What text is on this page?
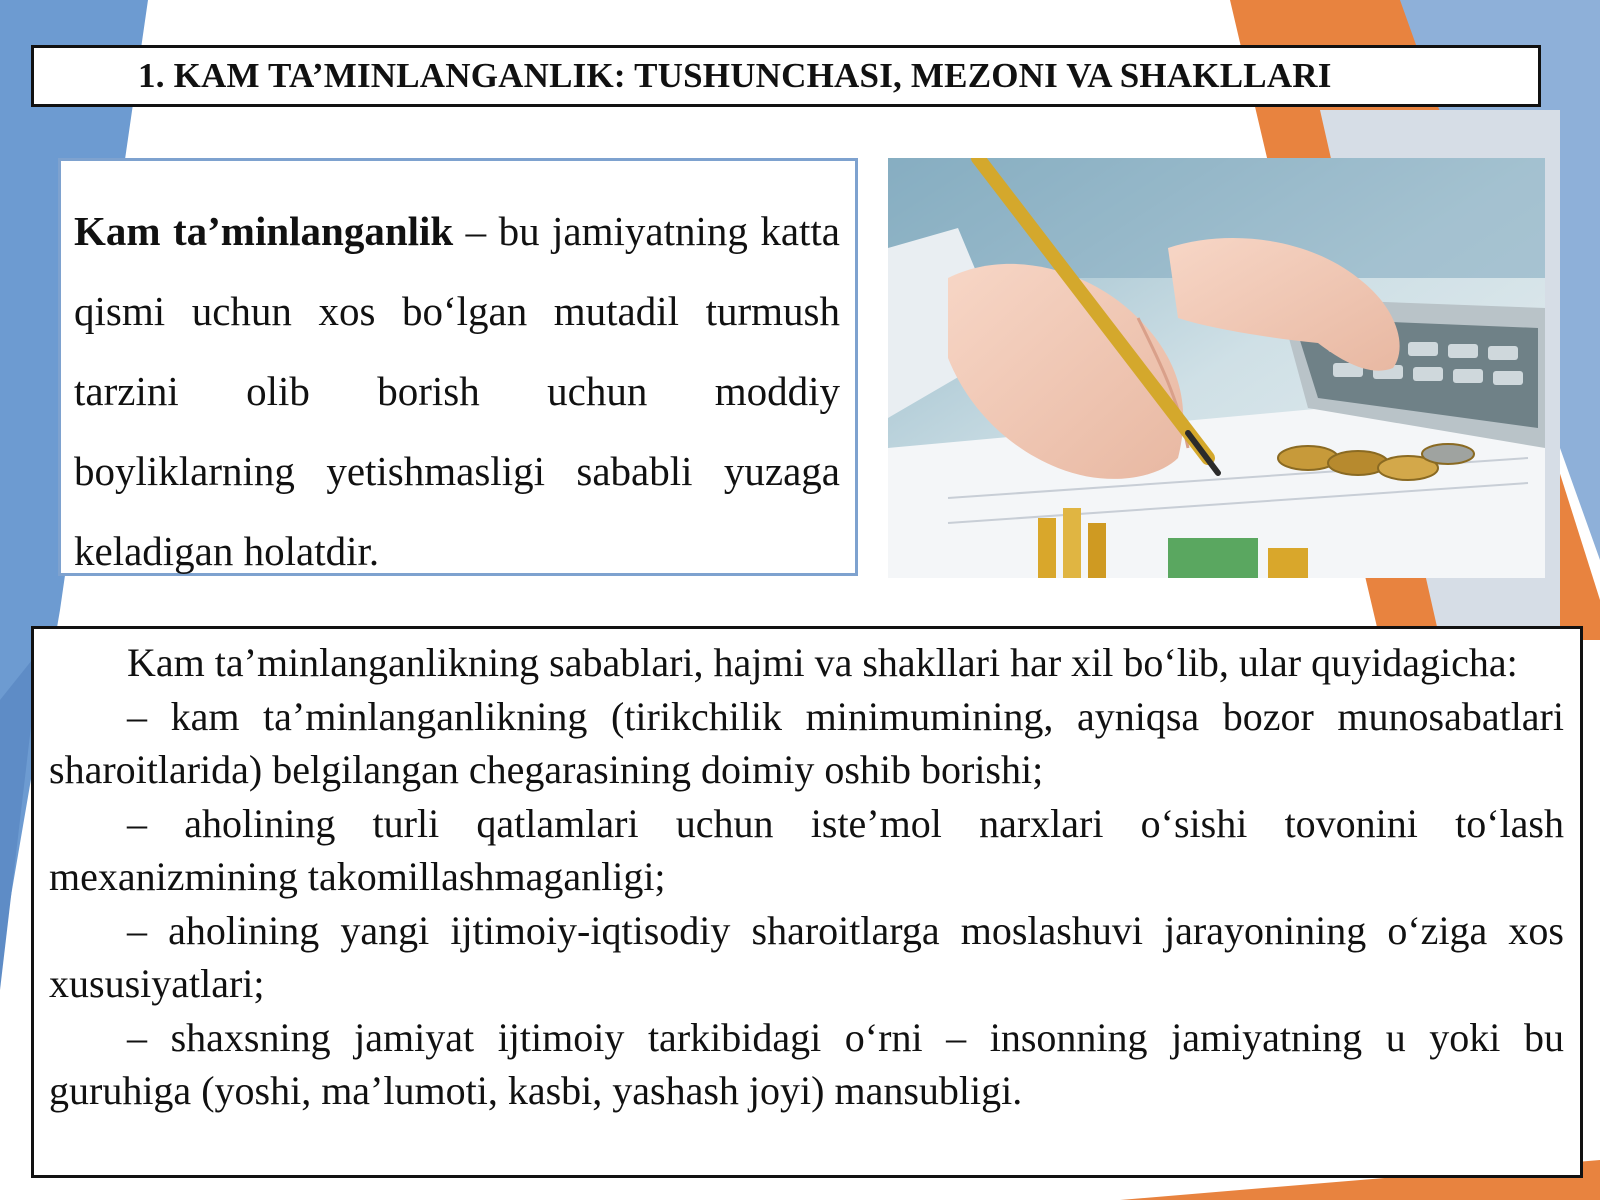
1. KAM TA’MINLANGANLIK: TUSHUNCHASI, MEZONI VA SHAKLLARI

Kam ta’minlanganlik – bu jamiyatning katta qismi uchun xos bo‘lgan mutadil turmush tarzini olib borish uchun moddiy boyliklarning yetishmasligi sababli yuzaga keladigan holatdir.

Kam ta’minlanganlikning sabablari, hajmi va shakllari har xil bo‘lib, ular quyidagicha:

– kam ta’minlanganlikning (tirikchilik minimumining, ayniqsa bozor munosabatlari sharoitlarida) belgilangan chegarasining doimiy oshib borishi;

– aholining turli qatlamlari uchun iste’mol narxlari o‘sishi tovonini to‘lash mexanizmining takomillashmaganligi;

– aholining yangi ijtimoiy-iqtisodiy sharoitlarga moslashuvi jarayonining o‘ziga xos xususiyatlari;

– shaxsning jamiyat ijtimoiy tarkibidagi o‘rni – insonning jamiyatning u yoki bu guruhiga (yoshi, ma’lumoti, kasbi, yashash joyi) mansubligi.
